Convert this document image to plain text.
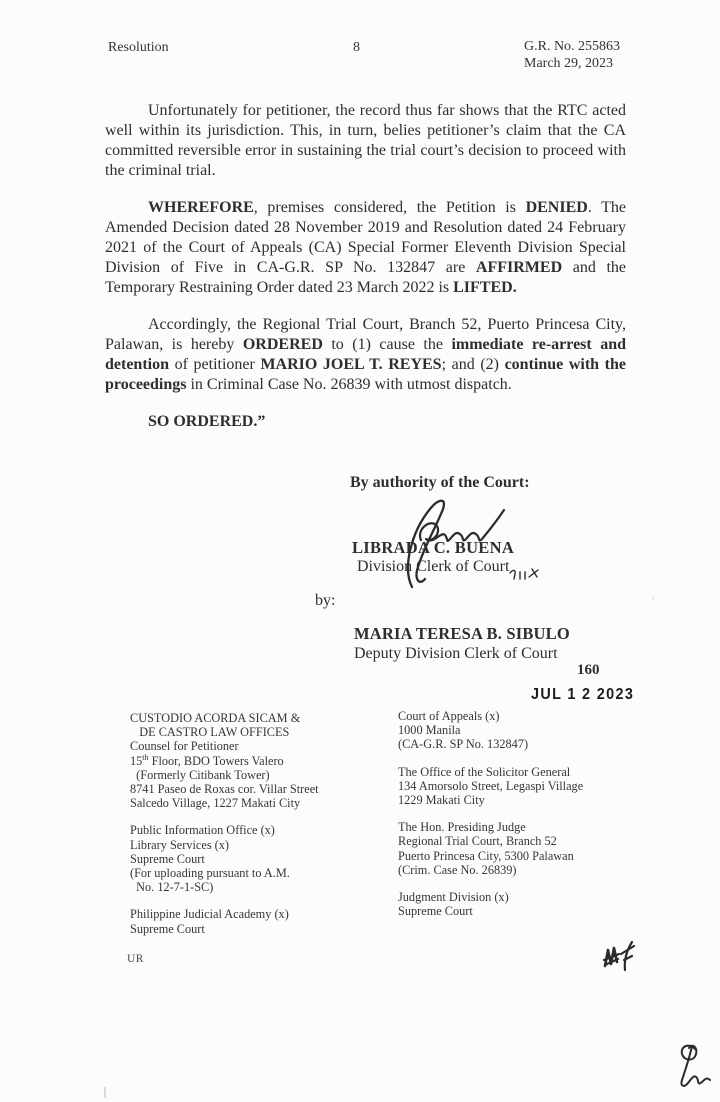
Resolution	8	G.R. No. 255863
March 29, 2023

Unfortunately for petitioner, the record thus far shows that the RTC acted well within its jurisdiction. This, in turn, belies petitioner’s claim that the CA committed reversible error in sustaining the trial court’s decision to proceed with the criminal trial.

WHEREFORE, premises considered, the Petition is DENIED. The Amended Decision dated 28 November 2019 and Resolution dated 24 February 2021 of the Court of Appeals (CA) Special Former Eleventh Division Special Division of Five in CA-G.R. SP No. 132847 are AFFIRMED and the Temporary Restraining Order dated 23 March 2022 is LIFTED.

Accordingly, the Regional Trial Court, Branch 52, Puerto Princesa City, Palawan, is hereby ORDERED to (1) cause the immediate re-arrest and detention of petitioner MARIO JOEL T. REYES; and (2) continue with the proceedings in Criminal Case No. 26839 with utmost dispatch.

SO ORDERED.”

By authority of the Court:
LIBRADA C. BUENA
Division Clerk of Court
by:
MARIA TERESA B. SIBULO
Deputy Division Clerk of Court
160
JUL 1 2 2023
’
CUSTODIO ACORDA SICAM &
DE CASTRO LAW OFFICES
Counsel for Petitioner
15th Floor, BDO Towers Valero
(Formerly Citibank Tower)
8741 Paseo de Roxas cor. Villar Street
Salcedo Village, 1227 Makati City
Public Information Office (x)
Library Services (x)
Supreme Court
(For uploading pursuant to A.M.
No. 12-7-1-SC)
Philippine Judicial Academy (x)
Supreme Court
Court of Appeals (x)
1000 Manila
(CA-G.R. SP No. 132847)
The Office of the Solicitor General
134 Amorsolo Street, Legaspi Village
1229 Makati City
The Hon. Presiding Judge
Regional Trial Court, Branch 52
Puerto Princesa City, 5300 Palawan
(Crim. Case No. 26839)
Judgment Division (x)
Supreme Court
UR
